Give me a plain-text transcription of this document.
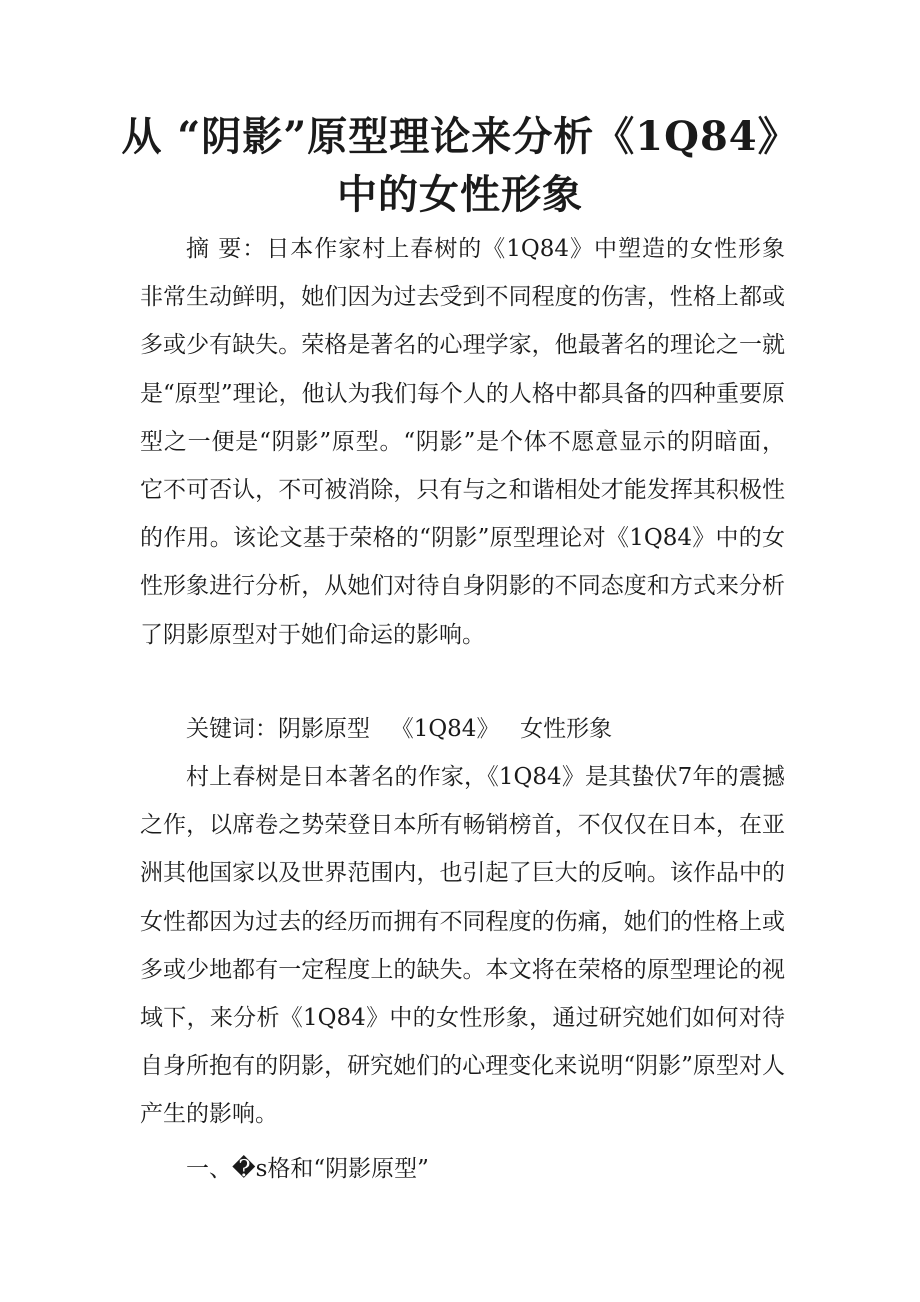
从 “阴影”原型理论来分析《1Q84》中的女性形象

摘 要：日本作家村上春树的《1Q84》中塑造的女性形象非常生动鲜明，她们因为过去受到不同程度的伤害，性格上都或多或少有缺失。荣格是著名的心理学家，他最著名的理论之一就是“原型”理论，他认为我们每个人的人格中都具备的四种重要原型之一便是“阴影”原型。“阴影”是个体不愿意显示的阴暗面，它不可否认，不可被消除，只有与之和谐相处才能发挥其积极性的作用。该论文基于荣格的“阴影”原型理论对《1Q84》中的女性形象进行分析，从她们对待自身阴影的不同态度和方式来分析了阴影原型对于她们命运的影响。

关键词：阴影原型 《1Q84》 女性形象

村上春树是日本著名的作家，《1Q84》是其蛰伏7年的震撼之作，以席卷之势荣登日本所有畅销榜首，不仅仅在日本，在亚洲其他国家以及世界范围内，也引起了巨大的反响。该作品中的女性都因为过去的经历而拥有不同程度的伤痛，她们的性格上或多或少地都有一定程度上的缺失。本文将在荣格的原型理论的视域下，来分析《1Q84》中的女性形象，通过研究她们如何对待自身所抱有的阴影，研究她们的心理变化来说明“阴影”原型对人产生的影响。

一、�s格和“阴影原型”
